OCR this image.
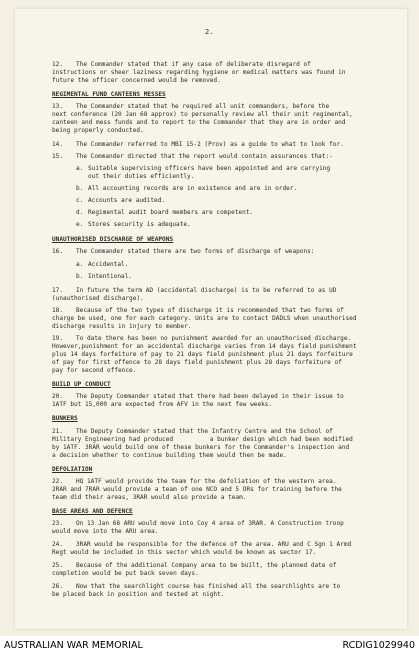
2.
12. The Commander stated that if any case of deliberate disregard of
instructions or sheer laziness regarding hygiene or medical matters was found in
future the officer concerned would be removed.
REGIMENTAL FUND CANTEENS MESSES
13. The Commander stated that he required all unit commanders, before the
next conference (20 Jan 68 approx) to personally review all their unit regimental,
canteen and mess funds and to report to the Commander that they are in order and
being properly conducted.
14. The Commander referred to MBI 15-2 (Prov) as a guide to what to look for.
15. The Commander directed that the report would contain assurances that:-
a. Suitable supervising officers have been appointed and are carrying
out their duties efficiently.
b. All accounting records are in existence and are in order.
c. Accounts are audited.
d. Regimental audit board members are competent.
e. Stores security is adequate.
UNAUTHORISED DISCHARGE OF WEAPONS
16. The Commander stated there are two forms of discharge of weapons:
a. Accidental.
b. Intentional.
17. In future the term AD (accidental discharge) is to be referred to as UD
(unauthorised discharge).
18. Because of the two types of discharge it is recommended that two forms of
charge be used, one for each category. Units are to contact DADLS when unauthorised
discharge results in injury to member.
19. To date there has been no punishment awarded for an unauthorised discharge.
However,punishment for an accidental discharge varies from 14 days field punishment
plus 14 days forfeiture of pay to 21 days field punishment plus 21 days forfeiture
of pay for first offence to 28 days field punishment plus 28 days forfeiture of
pay for second offence.
BUILD UP CONDUCT
20. The Deputy Commander stated that there had been delayed in their issue to
1ATF but 15,000 are expected from AFV in the next few weeks.
BUNKERS
21. The Deputy Commander stated that the Infantry Centre and the School of
Military Engineering had produced          a bunker design which had been modified
by 1ATF. 3RAR would build one of these bunkers for the Commander's inspection and
a decision whether to continue building them would then be made.
DEFOLIATION
22. HQ 1ATF would provide the team for the defoliation of the western area.
2RAR and 7RAR would provide a team of one NCO and 5 ORs for training before the
team did their areas, 3RAR would also provide a team.
BASE AREAS AND DEFENCE
23. On 13 Jan 68 ARU would move into Coy 4 area of 3RAR. A Construction troop
would move into the ARU area.
24. 3RAR would be responsible for the defence of the area. ARU and C Sgn 1 Armd
Regt would be included in this sector which would be known as sector 17.
25. Because of the additional Company area to be built, the planned date of
completion would be put back seven days.
26. Now that the searchlight course has finished all the searchlights are to
be placed back in position and tested at night.
AUSTRALIAN WAR MEMORIAL	RCDIG1029940
